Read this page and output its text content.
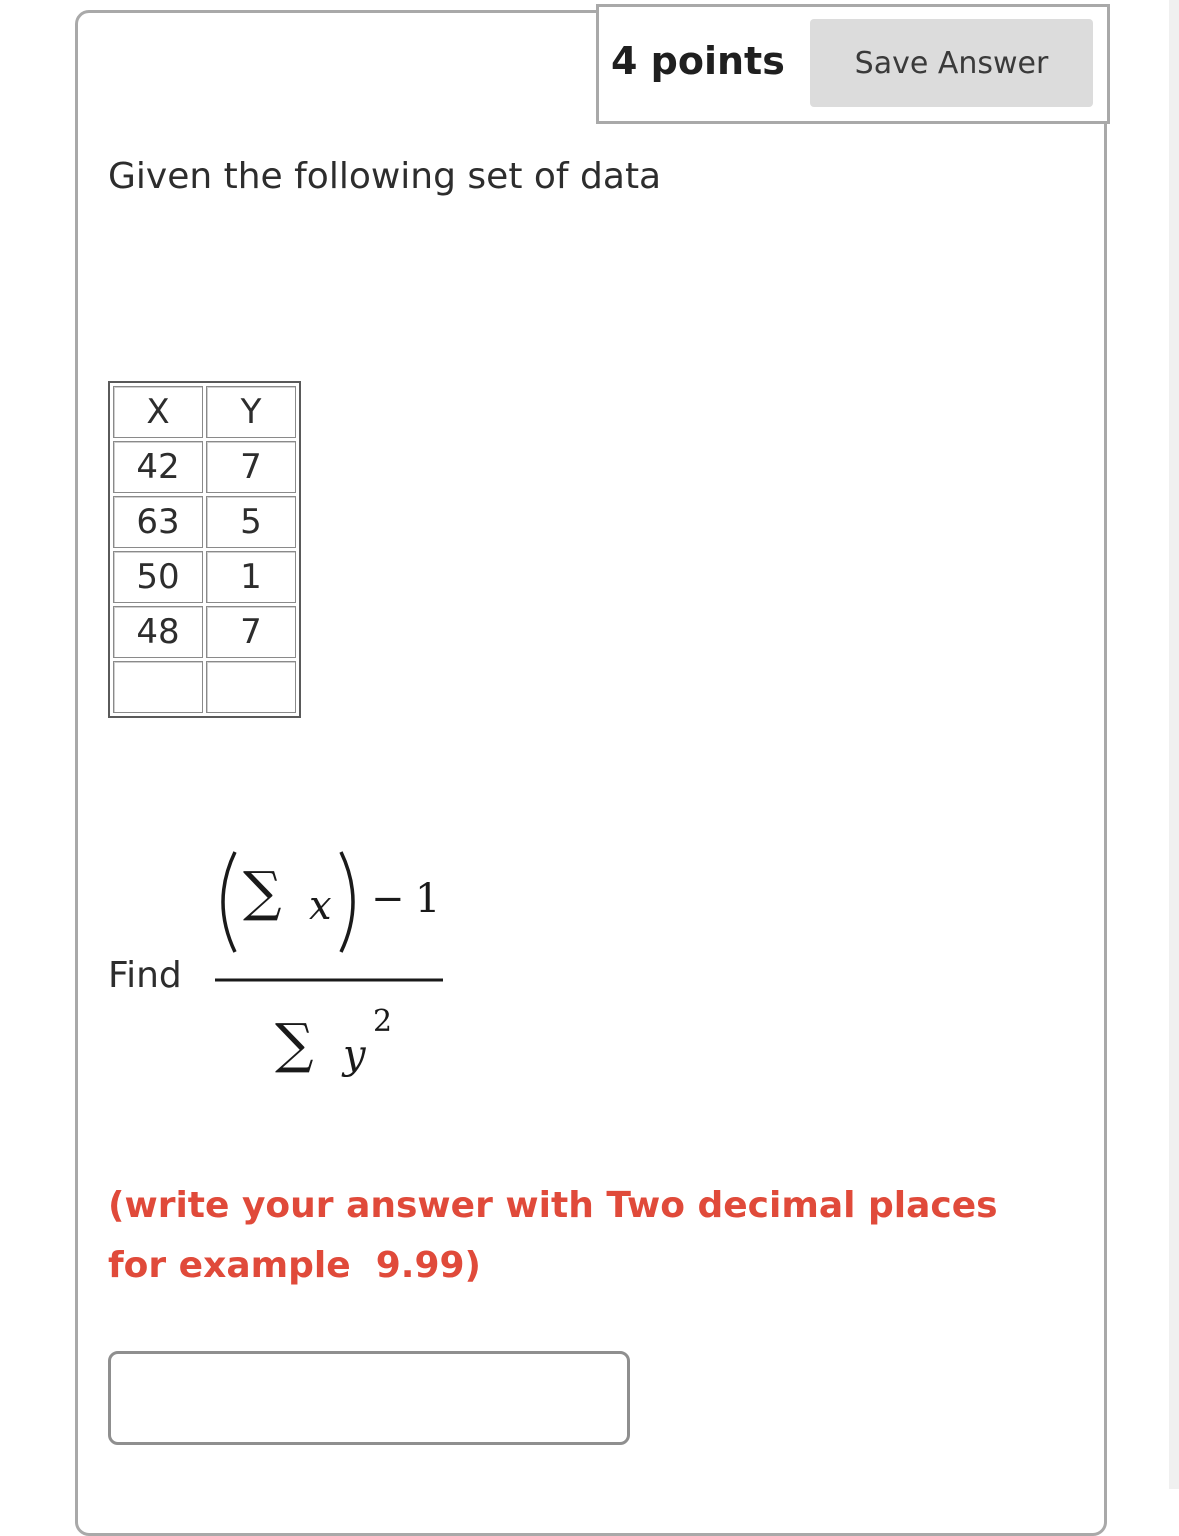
4 points	Save Answer
Given the following set of data
X	Y
42	7
63	5
50	1
48	7

Find
∑ x − 1
∑ y
2
(write your answer with Two decimal places
for example  9.99)
